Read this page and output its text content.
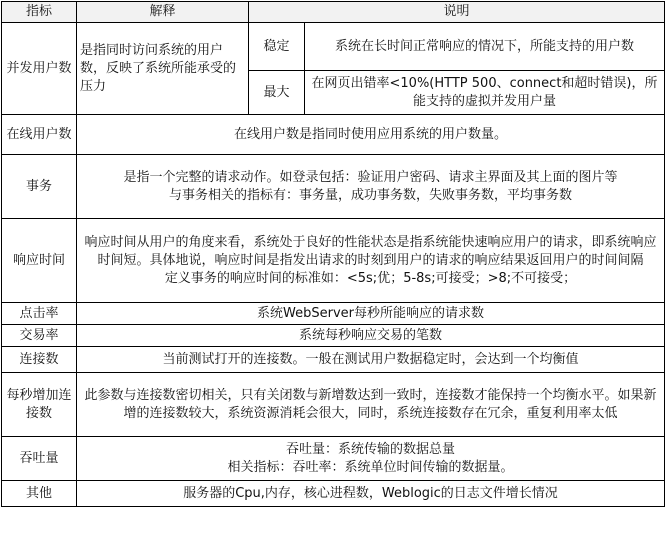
指标	解释	说明	
并发用户数	是指同时访问系统的用户数，反映了系统所能承受的压力	稳定	系统在长时间正常响应的情况下，所能支持的用户数
		最大	在网页出错率<10%(HTTP 500、connect和超时错误)，所能支持的虚拟并发用户量
在线用户数	在线用户数是指同时使用应用系统的用户数量。		
事务	是指一个完整的请求动作。如登录包括：验证用户密码、请求主界面及其上面的图片等
与事务相关的指标有：事务量，成功事务数，失败事务数，平均事务数		

响应时间	响应时间从用户的角度来看，系统处于良好的性能状态是指系统能快速响应用户的请求，即系统响应时间短。具体地说，响应时间是指发出请求的时刻到用户的请求的响应结果返回用户的时间间隔
定义事务的响应时间的标准如：<5s;优；5-8s;可接受；>8;不可接受；		

点击率	系统WebServer每秒所能响应的请求数		
交易率	系统每秒响应交易的笔数		
连接数	当前测试打开的连接数。一般在测试用户数据稳定时，会达到一个均衡值		
每秒增加连接数	此参数与连接数密切相关，只有关闭数与新增数达到一致时，连接数才能保持一个均衡水平。如果新增的连接数较大，系统资源消耗会很大，同时，系统连接数存在冗余，重复利用率太低		
吞吐量	吞吐量：系统传输的数据总量
相关指标：吞吐率：系统单位时间传输的数据量。		

其他	服务器的Cpu,内存，核心进程数，Weblogic的日志文件增长情况		
